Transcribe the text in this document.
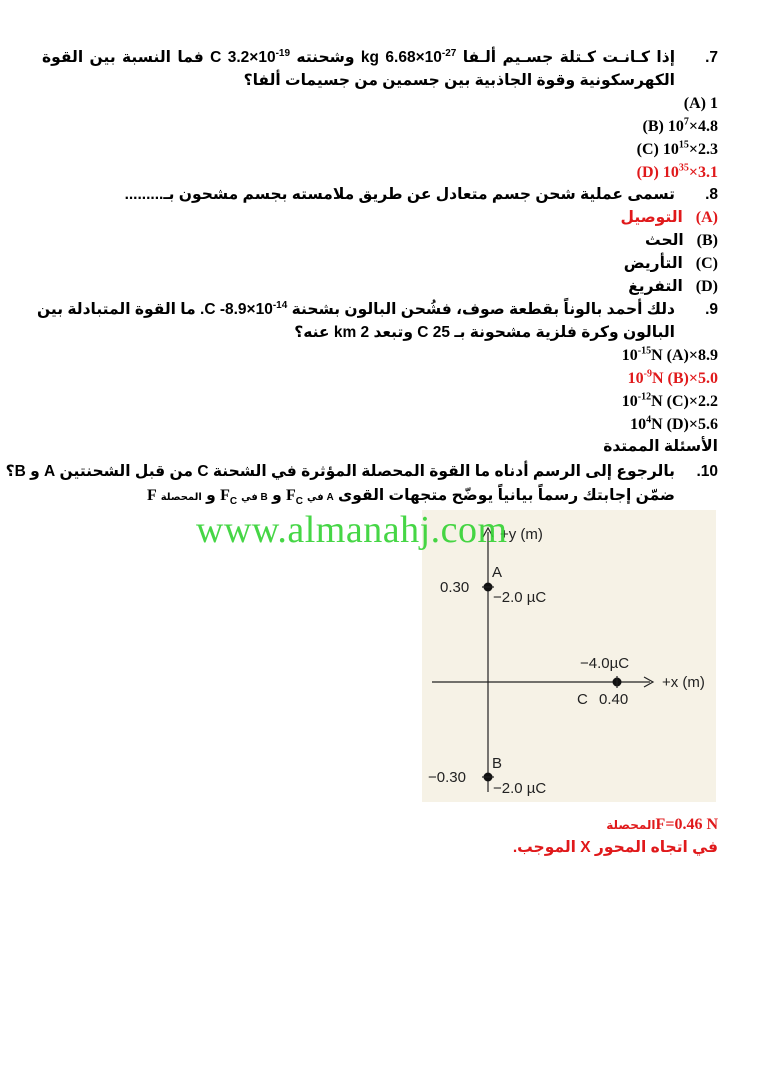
7.
إذا كـانـت كـتلة جسـيم ألـفا kg $6.68\times 10^{-27}$ وشحنته C $3.2\times 10^{-19}$ فما النسبة بين القوة
الكهرسكونية وقوة الجاذبية بين جسمين من جسيمات ألفا؟
(A) 1
(B) $10^7\times 4.8$
(C) $10^{15}\times 2.3$
(D) $10^{35}\times 3.1$
8.
تسمى عملية شحن جسم متعادل عن طريق ملامسته بجسم مشحون بـ.........
(A)   التوصيل
(B)   الحث
(C)   التأريض
(D)   التفريغ
9.
دلك أحمد بالوناً بقطعة صوف، فشُحن البالون بشحنة C $-8.9\times 10^{-14}$. ما القوة المتبادلة بين
البالون وكرة فلزية مشحونة بـ C 25 وتبعد km 2 عنه؟
$10^{-15}N$ (A)×8.9
$10^{-9}N$ (B)×5.0
$10^{-12}N$ (C)×2.2
$10^4N$ (D)×5.6
الأسئلة الممتدة
10.
بالرجوع إلى الرسم أدناه ما القوة المحصلة المؤثرة في الشحنة C من قبل الشحنتين A و B؟
ضمّن إجابتك رسماً بيانياً يوضّح متجهات القوى A في $F_C$ و B في $F_C$ و المحصلة F
+y (m)
+x (m)
A
0.30
−2.0 µC
−4.0µC
C 0.40
B
−0.30
−2.0 µC
www.almanahj.com
F=0.46 Nالمحصلة
في اتجاه المحور X الموجب.
